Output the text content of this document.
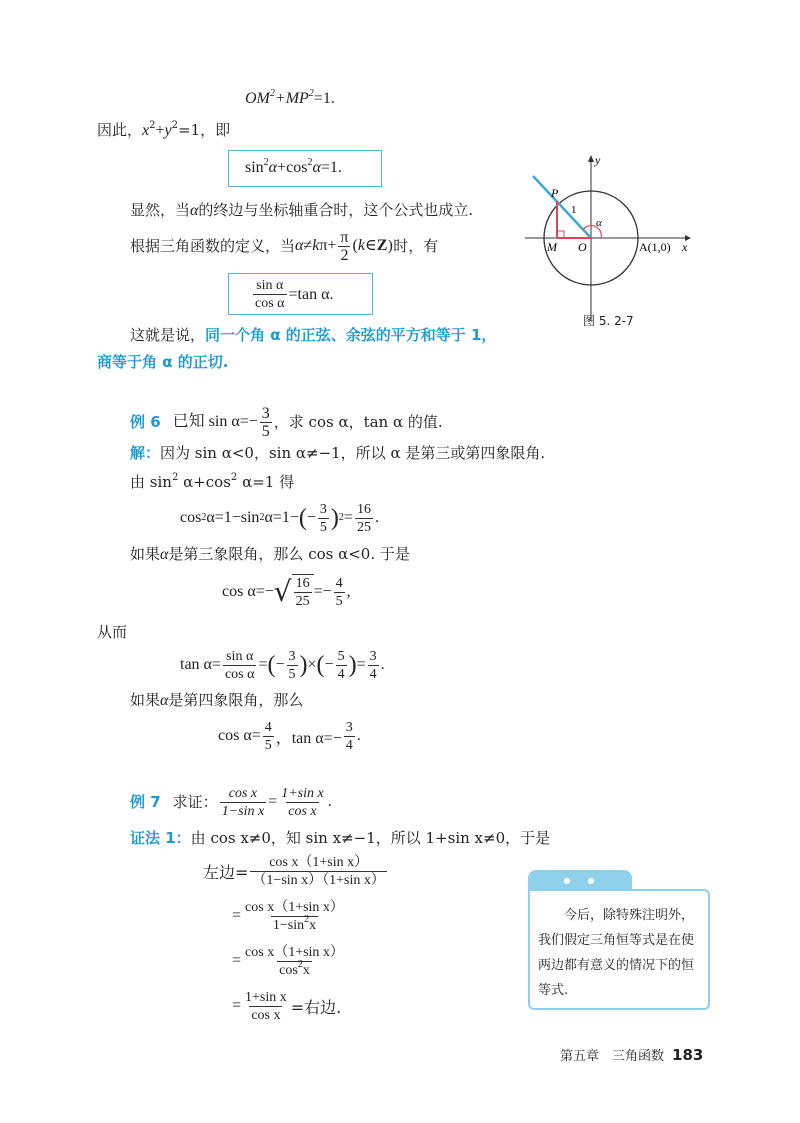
$OM^2+MP^2=1$.
因此，$x^2+y^2=1$，即
$\sin^2\alpha+\cos^2\alpha=1$.
显然，当α的终边与坐标轴重合时，这个公式也成立.
根据三角函数的定义，当 α ≠ k $\pi+ \frac{\pi}{2}$ ( k ∈ Z )时，有
$\frac{\text{sin α}}{\text{cos α}} =\tan$ α.
这就是说，同一个角 α 的正弦、余弦的平方和等于 1，
商等于角 α 的正切.
y
x
P
M O
1
α
A(1,0)
图 5. 2-7
例 6 已知 $\sin \alpha=- \frac{3}{5}$ ，求 cos α，tan α 的值.
解：因为 sin α<0，sin α≠−1，所以 α 是第三或第四象限角.
由 $\sin^2 \alpha+\cos^2$ α=1 得
cos 2 α=1−sin 2 α=1− ( − $\frac{3}{5}$ ) $2 = \frac{16}{25}$ .
如果α是第三象限角，那么 cos α<0. 于是
cos α=− √ $\frac{16}{25} =- \frac{4}{5}$ ,
从而
$\tan \alpha= \frac{\text{sin α}}{\text{cos α}}$ = ( − $\frac{3}{5}$ ) × ( − $\frac{5}{4}$ ) = $\frac{3}{4}$ .
如果α是第四象限角，那么
$\cos \alpha= \frac{4}{5}$ ，$\tan \alpha=- \frac{3}{4}$ .
例 7 求证： $\frac{\text{cos x}}{\text{1−sin x}} = \frac{\text{1+sin x}}{\text{cos x}}$ .
证法 1：由 cos x≠0，知 sin x≠−1，所以 1+sin x≠0，于是
左边= $\frac{\text{cos x（1+sin x）}}{\text{（1−sin x）（1+sin x）}}$
= $\frac{\text{cos x（1+sin x）}}{1-\sin^2x}$
= $\frac{\text{cos x（1+sin x）}}{\cos^2x}$
= $\frac{\text{1+sin x}}{\text{cos x}}$ =右边.
今后，除特殊注明外，我们假定三角恒等式是在使两边都有意义的情况下的恒等式.
第五章　三角函数 183
